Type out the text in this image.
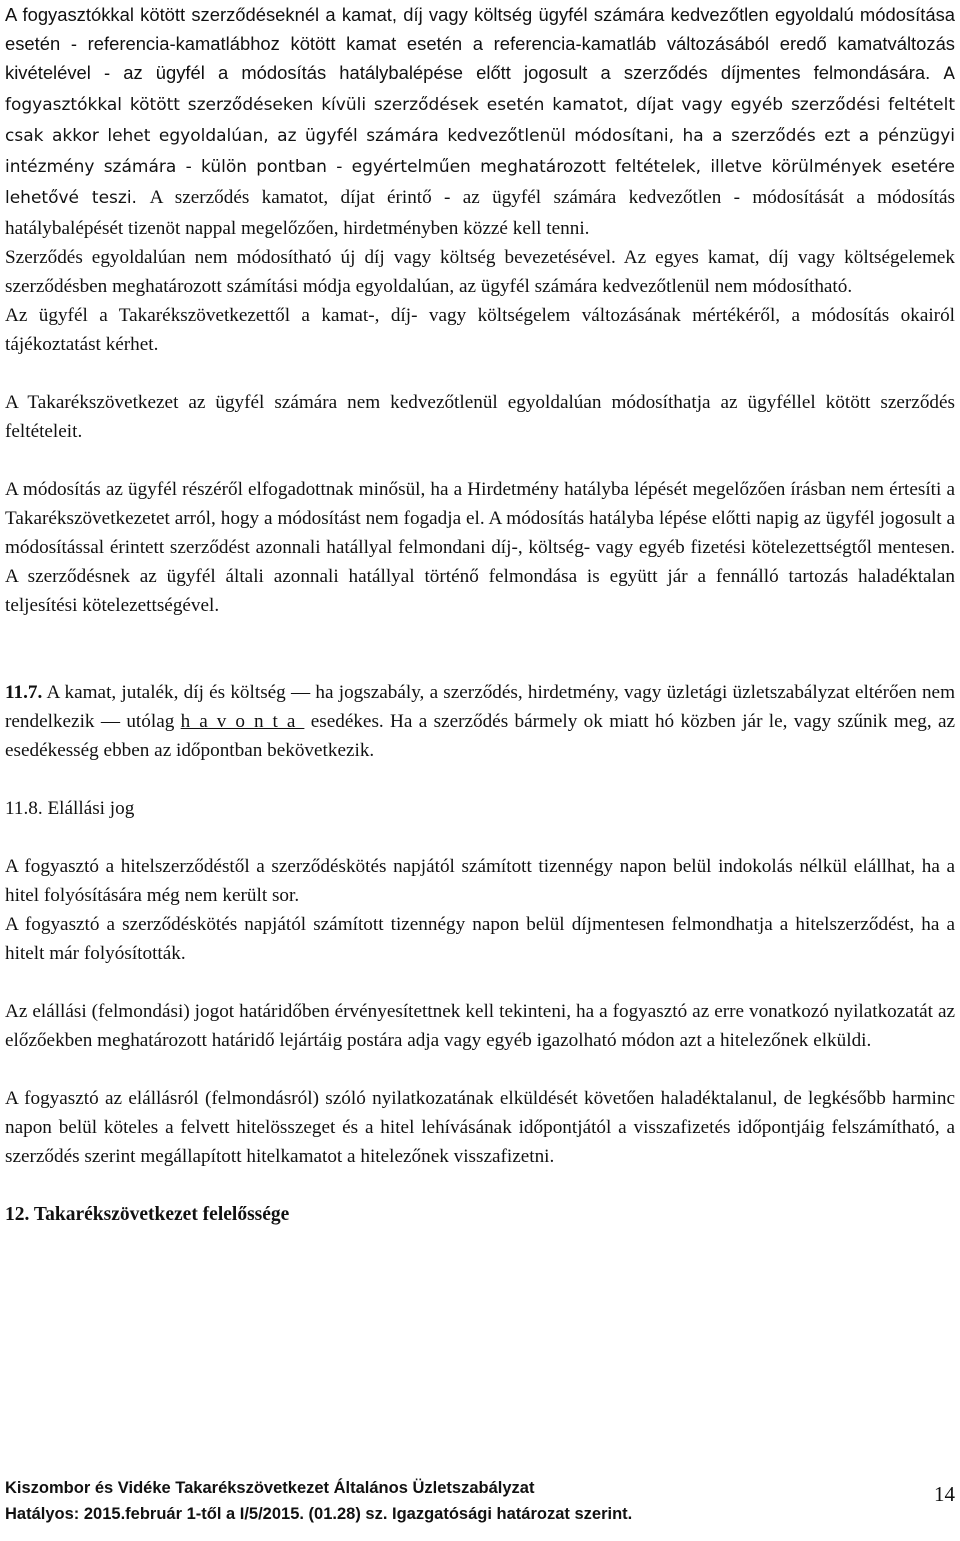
A fogyasztókkal kötött szerződéseknél a kamat, díj vagy költség ügyfél számára kedvezőtlen egyoldalú módosítása esetén - referencia-kamatlábhoz kötött kamat esetén a referencia-kamatláb változásából eredő kamatváltozás kivételével - az ügyfél a módosítás hatálybalépése előtt jogosult a szerződés díjmentes felmondására. A fogyasztókkal kötött szerződéseken kívüli szerződések esetén kamatot, díjat vagy egyéb szerződési feltételt csak akkor lehet egyoldalúan, az ügyfél számára kedvezőtlenül módosítani, ha a szerződés ezt a pénzügyi intézmény számára - külön pontban - egyértelműen meghatározott feltételek, illetve körülmények esetére lehetővé teszi. A szerződés kamatot, díjat érintő - az ügyfél számára kedvezőtlen - módosítását a módosítás hatálybalépését tizenöt nappal megelőzően, hirdetményben közzé kell tenni.

Szerződés egyoldalúan nem módosítható új díj vagy költség bevezetésével. Az egyes kamat, díj vagy költségelemek szerződésben meghatározott számítási módja egyoldalúan, az ügyfél számára kedvezőtlenül nem módosítható.

Az ügyfél a Takarékszövetkezettől a kamat-, díj- vagy költségelem változásának mértékéről, a módosítás okairól tájékoztatást kérhet.

A Takarékszövetkezet az ügyfél számára nem kedvezőtlenül egyoldalúan módosíthatja az ügyféllel kötött szerződés feltételeit.

A módosítás az ügyfél részéről elfogadottnak minősül, ha a Hirdetmény hatályba lépését megelőzően írásban nem értesíti a Takarékszövetkezetet arról, hogy a módosítást nem fogadja el. A módosítás hatályba lépése előtti napig az ügyfél jogosult a módosítással érintett szerződést azonnali hatállyal felmondani díj-, költség- vagy egyéb fizetési kötelezettségtől mentesen. A szerződésnek az ügyfél általi azonnali hatállyal történő felmondása is együtt jár a fennálló tartozás haladéktalan teljesítési kötelezettségével.

11.7. A kamat, jutalék, díj és költség — ha jogszabály, a szerződés, hirdetmény, vagy üzletági üzletszabályzat eltérően nem rendelkezik — utólag havonta esedékes. Ha a szerződés bármely ok miatt hó közben jár le, vagy szűnik meg, az esedékesség ebben az időpontban bekövetkezik.

11.8. Elállási jog

A fogyasztó a hitelszerződéstől a szerződéskötés napjától számított tizennégy napon belül indokolás nélkül elállhat, ha a hitel folyósítására még nem került sor.
A fogyasztó a szerződéskötés napjától számított tizennégy napon belül díjmentesen felmondhatja a hitelszerződést, ha a hitelt már folyósították.

Az elállási (felmondási) jogot határidőben érvényesítettnek kell tekinteni, ha a fogyasztó az erre vonatkozó nyilatkozatát az előzőekben meghatározott határidő lejártáig postára adja vagy egyéb igazolható módon azt a hitelezőnek elküldi.

A fogyasztó az elállásról (felmondásról) szóló nyilatkozatának elküldését követően haladéktalanul, de legkésőbb harminc napon belül köteles a felvett hitelösszeget és a hitel lehívásának időpontjától a visszafizetés időpontjáig felszámítható, a szerződés szerint megállapított hitelkamatot a hitelezőnek visszafizetni.

12. Takarékszövetkezet felelőssége

Kiszombor és Vidéke Takarékszövetkezet Általános Üzletszabályzat
Hatályos: 2015.február 1-től a I/5/2015. (01.28) sz. Igazgatósági határozat szerint.
14
